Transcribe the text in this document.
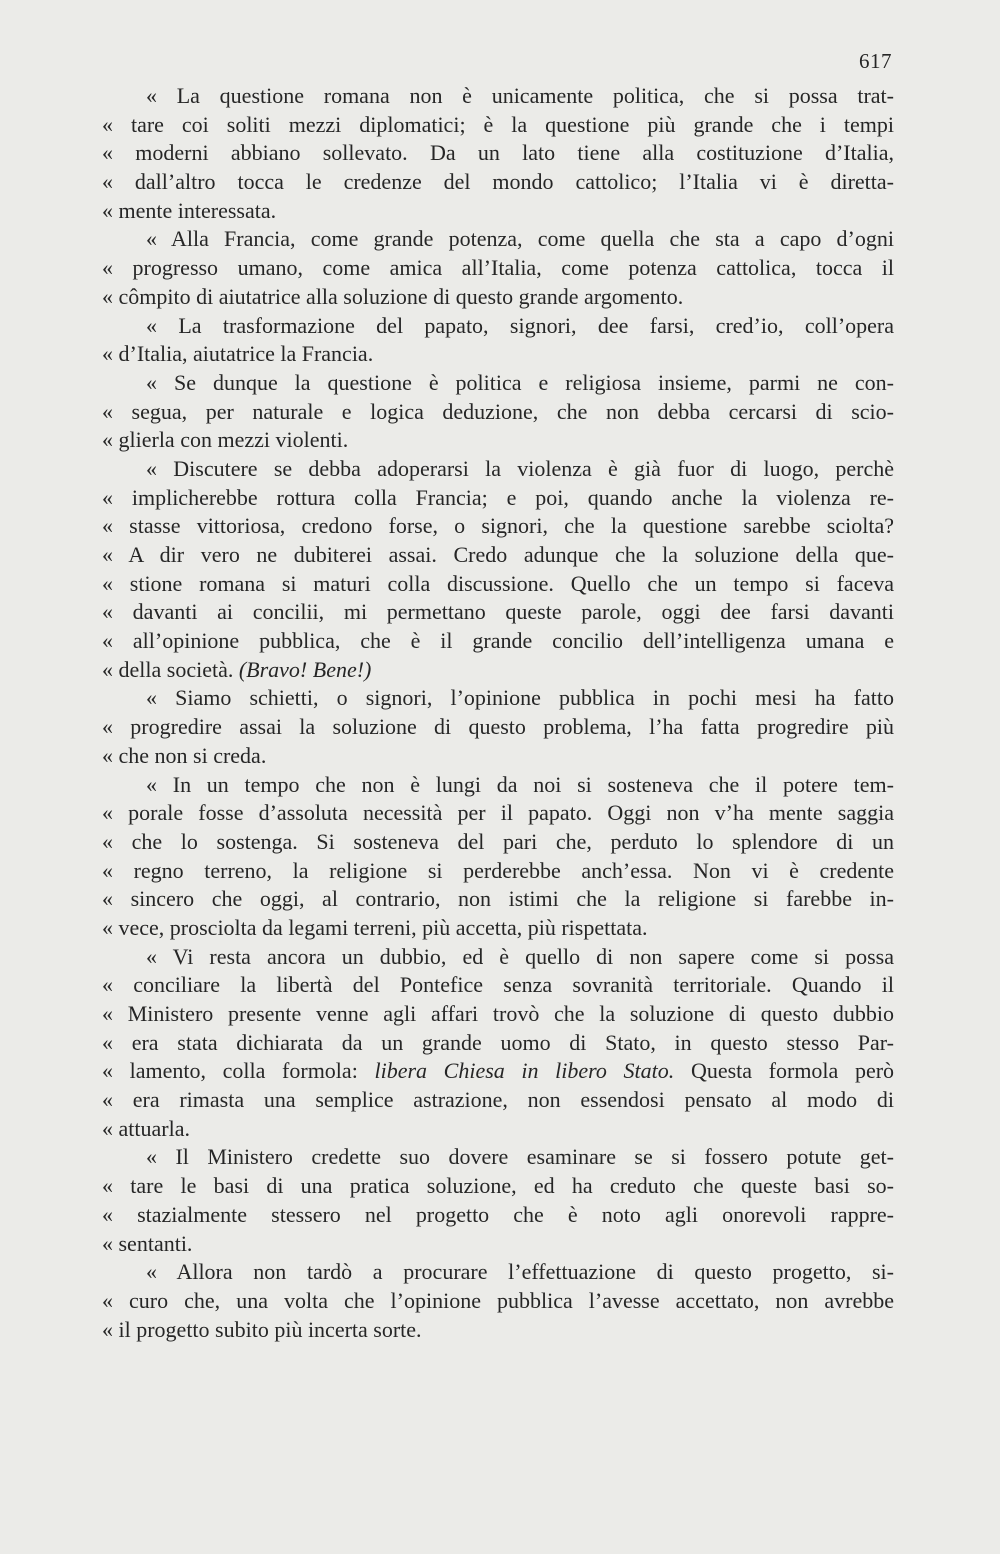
617
« La questione romana non è unicamente politica, che si possa trat-
« tare coi soliti mezzi diplomatici; è la questione più grande che i tempi
« moderni abbiano sollevato. Da un lato tiene alla costituzione d’Italia,
« dall’altro tocca le credenze del mondo cattolico; l’Italia vi è diretta-
« mente interessata.
« Alla Francia, come grande potenza, come quella che sta a capo d’ogni
« progresso umano, come amica all’Italia, come potenza cattolica, tocca il
« cômpito di aiutatrice alla soluzione di questo grande argomento.
« La trasformazione del papato, signori, dee farsi, cred’io, coll’opera
« d’Italia, aiutatrice la Francia.
« Se dunque la questione è politica e religiosa insieme, parmi ne con-
« segua, per naturale e logica deduzione, che non debba cercarsi di scio-
« glierla con mezzi violenti.
« Discutere se debba adoperarsi la violenza è già fuor di luogo, perchè
« implicherebbe rottura colla Francia; e poi, quando anche la violenza re-
« stasse vittoriosa, credono forse, o signori, che la questione sarebbe sciolta?
« A dir vero ne dubiterei assai. Credo adunque che la soluzione della que-
« stione romana si maturi colla discussione. Quello che un tempo si faceva
« davanti ai concilii, mi permettano queste parole, oggi dee farsi davanti
« all’opinione pubblica, che è il grande concilio dell’intelligenza umana e
« della società. (Bravo! Bene!)
« Siamo schietti, o signori, l’opinione pubblica in pochi mesi ha fatto
« progredire assai la soluzione di questo problema, l’ha fatta progredire più
« che non si creda.
« In un tempo che non è lungi da noi si sosteneva che il potere tem-
« porale fosse d’assoluta necessità per il papato. Oggi non v’ha mente saggia
« che lo sostenga. Si sosteneva del pari che, perduto lo splendore di un
« regno terreno, la religione si perderebbe anch’essa. Non vi è credente
« sincero che oggi, al contrario, non istimi che la religione si farebbe in-
« vece, prosciolta da legami terreni, più accetta, più rispettata.
« Vi resta ancora un dubbio, ed è quello di non sapere come si possa
« conciliare la libertà del Pontefice senza sovranità territoriale. Quando il
« Ministero presente venne agli affari trovò che la soluzione di questo dubbio
« era stata dichiarata da un grande uomo di Stato, in questo stesso Par-
« lamento, colla formola: libera Chiesa in libero Stato. Questa formola però
« era rimasta una semplice astrazione, non essendosi pensato al modo di
« attuarla.
« Il Ministero credette suo dovere esaminare se si fossero potute get-
« tare le basi di una pratica soluzione, ed ha creduto che queste basi so-
« stazialmente stessero nel progetto che è noto agli onorevoli rappre-
« sentanti.
« Allora non tardò a procurare l’effettuazione di questo progetto, si-
« curo che, una volta che l’opinione pubblica l’avesse accettato, non avrebbe
« il progetto subito più incerta sorte.
